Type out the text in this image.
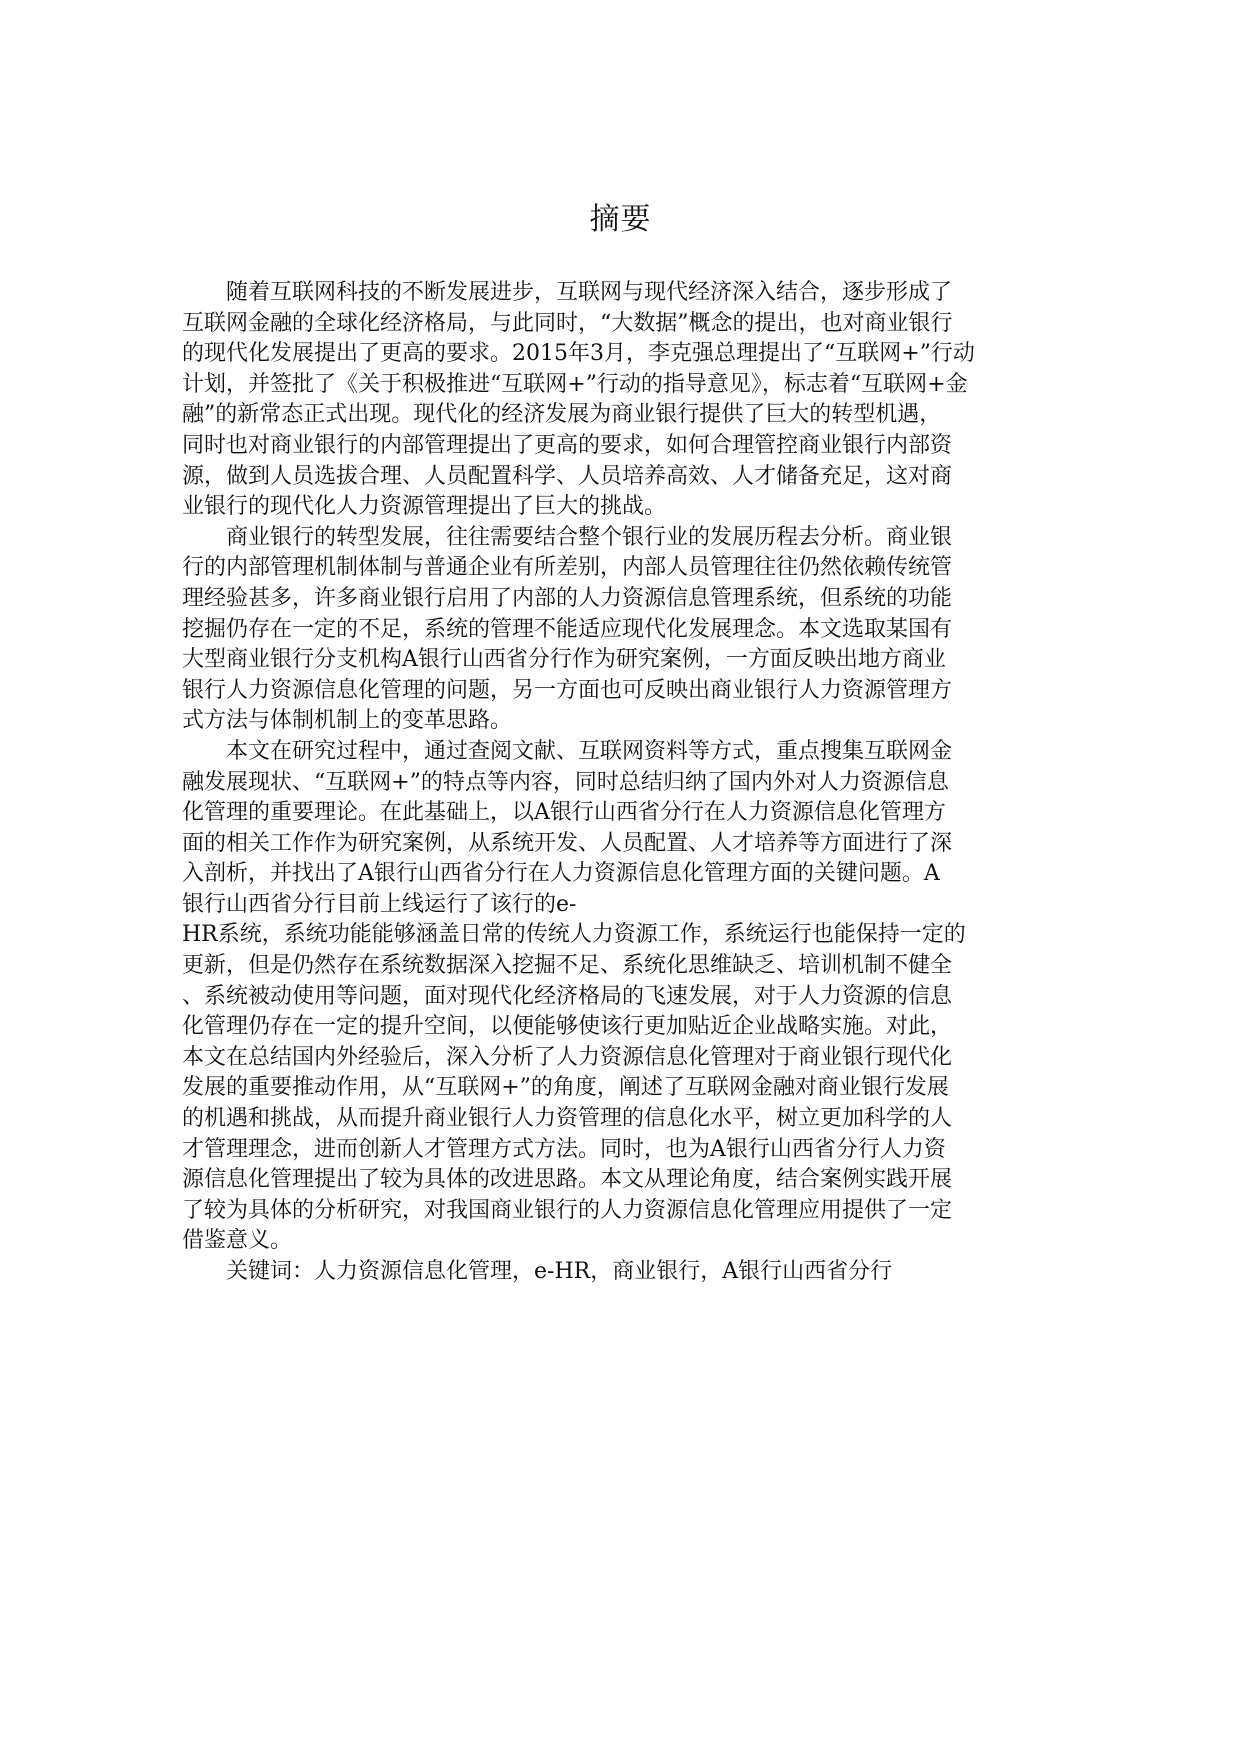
摘要

随着互联网科技的不断发展进步，互联网与现代经济深入结合，逐步形成了
互联网金融的全球化经济格局，与此同时，“大数据”概念的提出，也对商业银行
的现代化发展提出了更高的要求。2015年3月，李克强总理提出了“互联网+”行动
计划，并签批了《关于积极推进“互联网+”行动的指导意见》，标志着“互联网+金
融”的新常态正式出现。现代化的经济发展为商业银行提供了巨大的转型机遇，
同时也对商业银行的内部管理提出了更高的要求，如何合理管控商业银行内部资
源，做到人员选拔合理、人员配置科学、人员培养高效、人才储备充足，这对商
业银行的现代化人力资源管理提出了巨大的挑战。

商业银行的转型发展，往往需要结合整个银行业的发展历程去分析。商业银
行的内部管理机制体制与普通企业有所差别，内部人员管理往往仍然依赖传统管
理经验甚多，许多商业银行启用了内部的人力资源信息管理系统，但系统的功能
挖掘仍存在一定的不足，系统的管理不能适应现代化发展理念。本文选取某国有
大型商业银行分支机构A银行山西省分行作为研究案例，一方面反映出地方商业
银行人力资源信息化管理的问题，另一方面也可反映出商业银行人力资源管理方
式方法与体制机制上的变革思路。

本文在研究过程中，通过查阅文献、互联网资料等方式，重点搜集互联网金
融发展现状、“互联网+”的特点等内容，同时总结归纳了国内外对人力资源信息
化管理的重要理论。在此基础上，以A银行山西省分行在人力资源信息化管理方
面的相关工作作为研究案例，从系统开发、人员配置、人才培养等方面进行了深
入剖析，并找出了A银行山西省分行在人力资源信息化管理方面的关键问题。A
银行山西省分行目前上线运行了该行的e-
HR系统，系统功能能够涵盖日常的传统人力资源工作，系统运行也能保持一定的
更新，但是仍然存在系统数据深入挖掘不足、系统化思维缺乏、培训机制不健全
、系统被动使用等问题，面对现代化经济格局的飞速发展，对于人力资源的信息
化管理仍存在一定的提升空间，以便能够使该行更加贴近企业战略实施。对此，
本文在总结国内外经验后，深入分析了人力资源信息化管理对于商业银行现代化
发展的重要推动作用，从“互联网+”的角度，阐述了互联网金融对商业银行发展
的机遇和挑战，从而提升商业银行人力资管理的信息化水平，树立更加科学的人
才管理理念，进而创新人才管理方式方法。同时，也为A银行山西省分行人力资
源信息化管理提出了较为具体的改进思路。本文从理论角度，结合案例实践开展
了较为具体的分析研究，对我国商业银行的人力资源信息化管理应用提供了一定
借鉴意义。

关键词：人力资源信息化管理，e-HR，商业银行，A银行山西省分行
